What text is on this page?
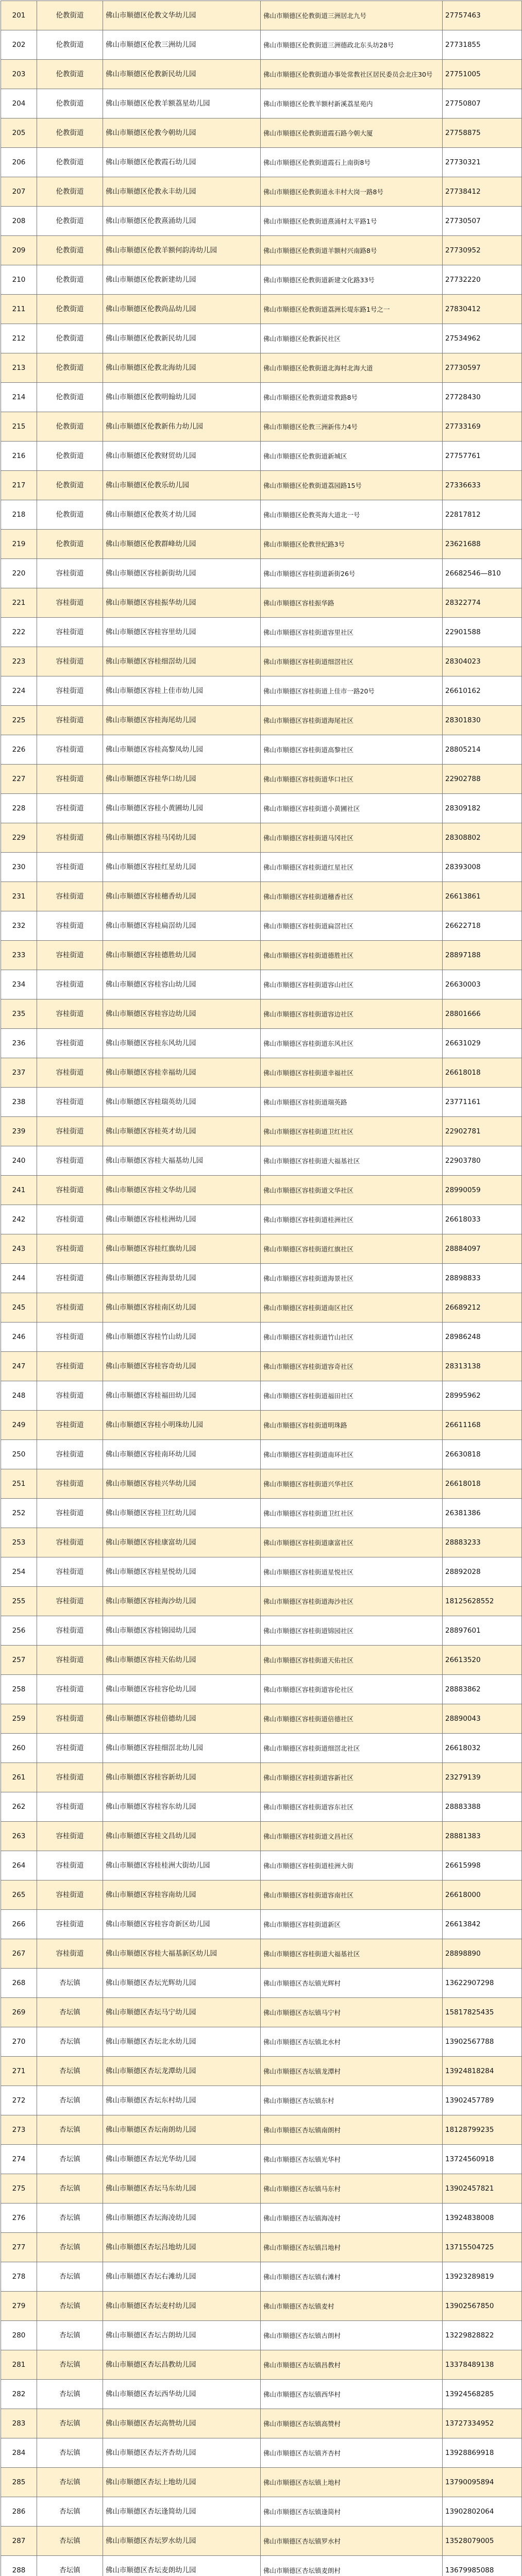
201	伦教街道	佛山市顺德区伦教文华幼儿园	佛山市顺德区伦教街道三洲居北九号	27757463
202	伦教街道	佛山市顺德区伦教三洲幼儿园	佛山市顺德区伦教街道三洲德政北东头坊28号	27731855
203	伦教街道	佛山市顺德区伦教新民幼儿园	佛山市顺德区伦教街道办事处常教社区居民委员会北庄30号	27751005
204	伦教街道	佛山市顺德区伦教羊额荔星幼儿园	佛山市顺德区伦教羊额村新溪荔星苑内	27750807
205	伦教街道	佛山市顺德区伦教今朝幼儿园	佛山市顺德区伦教街道霞石路今朝大厦	27758875
206	伦教街道	佛山市顺德区伦教霞石幼儿园	佛山市顺德区伦教街道霞石上南街8号	27730321
207	伦教街道	佛山市顺德区伦教永丰幼儿园	佛山市顺德区伦教街道永丰村大岗一路8号	27738412
208	伦教街道	佛山市顺德区伦教熹涌幼儿园	佛山市顺德区伦教街道熹涌村太平路1号	27730507
209	伦教街道	佛山市顺德区伦教羊额何韵涛幼儿园	佛山市顺德区伦教街道羊额村兴南路8号	27730952
210	伦教街道	佛山市顺德区伦教新建幼儿园	佛山市顺德区伦教街道新建文化路33号	27732220
211	伦教街道	佛山市顺德区伦教尚品幼儿园	佛山市顺德区伦教街道荔洲长堤东路1号之一	27830412
212	伦教街道	佛山市顺德区伦教新民幼儿园	佛山市顺德区伦教新民社区	27534962
213	伦教街道	佛山市顺德区伦教北海幼儿园	佛山市顺德区伦教街道北海村北海大道	27730597
214	伦教街道	佛山市顺德区伦教明翰幼儿园	佛山市顺德区伦教街道常教路8号	27728430
215	伦教街道	佛山市顺德区伦教新伟力幼儿园	佛山市顺德区伦教三洲新伟力4号	27733169
216	伦教街道	佛山市顺德区伦教财贸幼儿园	佛山市顺德区伦教街道新城区	27757761
217	伦教街道	佛山市顺德区伦教乐幼儿园	佛山市顺德区伦教街道荔园路15号	27336633
218	伦教街道	佛山市顺德区伦教英才幼儿园	佛山市顺德区伦教英海大道北一号	22817812
219	伦教街道	佛山市顺德区伦教群峰幼儿园	佛山市顺德区伦教世纪路3号	23621688
220	容桂街道	佛山市顺德区容桂新街幼儿园	佛山市顺德区容桂街道新街26号	26682546—810
221	容桂街道	佛山市顺德区容桂振华幼儿园	佛山市顺德区容桂振华路	28322774
222	容桂街道	佛山市顺德区容桂容里幼儿园	佛山市顺德区容桂街道容里社区	22901588
223	容桂街道	佛山市顺德区容桂细滘幼儿园	佛山市顺德区容桂街道细滘社区	28304023
224	容桂街道	佛山市顺德区容桂上佳市幼儿园	佛山市顺德区容桂街道上佳市一路20号	26610162
225	容桂街道	佛山市顺德区容桂海尾幼儿园	佛山市顺德区容桂街道海尾社区	28301830
226	容桂街道	佛山市顺德区容桂高黎凤幼儿园	佛山市顺德区容桂街道高黎社区	28805214
227	容桂街道	佛山市顺德区容桂华口幼儿园	佛山市顺德区容桂街道华口社区	22902788
228	容桂街道	佛山市顺德区容桂小黄圃幼儿园	佛山市顺德区容桂街道小黄圃社区	28309182
229	容桂街道	佛山市顺德区容桂马冈幼儿园	佛山市顺德区容桂街道马冈社区	28308802
230	容桂街道	佛山市顺德区容桂红星幼儿园	佛山市顺德区容桂街道红星社区	28393008
231	容桂街道	佛山市顺德区容桂穗香幼儿园	佛山市顺德区容桂街道穗香社区	26613861
232	容桂街道	佛山市顺德区容桂扁滘幼儿园	佛山市顺德区容桂街道扁滘社区	26622718
233	容桂街道	佛山市顺德区容桂德胜幼儿园	佛山市顺德区容桂街道德胜社区	28897188
234	容桂街道	佛山市顺德区容桂容山幼儿园	佛山市顺德区容桂街道容山社区	26630003
235	容桂街道	佛山市顺德区容桂容边幼儿园	佛山市顺德区容桂街道容边社区	28801666
236	容桂街道	佛山市顺德区容桂东风幼儿园	佛山市顺德区容桂街道东风社区	26631029
237	容桂街道	佛山市顺德区容桂幸福幼儿园	佛山市顺德区容桂街道幸福社区	26618018
238	容桂街道	佛山市顺德区容桂瑞英幼儿园	佛山市顺德区容桂街道瑞英路	23771161
239	容桂街道	佛山市顺德区容桂英才幼儿园	佛山市顺德区容桂街道卫红社区	22902781
240	容桂街道	佛山市顺德区容桂大福基幼儿园	佛山市顺德区容桂街道大福基社区	22903780
241	容桂街道	佛山市顺德区容桂文华幼儿园	佛山市顺德区容桂街道文华社区	28990059
242	容桂街道	佛山市顺德区容桂桂洲幼儿园	佛山市顺德区容桂街道桂洲社区	26618033
243	容桂街道	佛山市顺德区容桂红旗幼儿园	佛山市顺德区容桂街道红旗社区	28884097
244	容桂街道	佛山市顺德区容桂海景幼儿园	佛山市顺德区容桂街道海景社区	28898833
245	容桂街道	佛山市顺德区容桂南区幼儿园	佛山市顺德区容桂街道南区社区	26689212
246	容桂街道	佛山市顺德区容桂竹山幼儿园	佛山市顺德区容桂街道竹山社区	28986248
247	容桂街道	佛山市顺德区容桂容奇幼儿园	佛山市顺德区容桂街道容奇社区	28313138
248	容桂街道	佛山市顺德区容桂福田幼儿园	佛山市顺德区容桂街道福田社区	28995962
249	容桂街道	佛山市顺德区容桂小明珠幼儿园	佛山市顺德区容桂街道明珠路	26611168
250	容桂街道	佛山市顺德区容桂南环幼儿园	佛山市顺德区容桂街道南环社区	26630818
251	容桂街道	佛山市顺德区容桂兴华幼儿园	佛山市顺德区容桂街道兴华社区	26618018
252	容桂街道	佛山市顺德区容桂卫红幼儿园	佛山市顺德区容桂街道卫红社区	26381386
253	容桂街道	佛山市顺德区容桂康富幼儿园	佛山市顺德区容桂街道康富社区	28883233
254	容桂街道	佛山市顺德区容桂星悦幼儿园	佛山市顺德区容桂街道星悦社区	28892028
255	容桂街道	佛山市顺德区容桂海沙幼儿园	佛山市顺德区容桂街道海沙社区	18125628552
256	容桂街道	佛山市顺德区容桂锦园幼儿园	佛山市顺德区容桂街道锦园社区	28897601
257	容桂街道	佛山市顺德区容桂天佑幼儿园	佛山市顺德区容桂街道天佑社区	26613520
258	容桂街道	佛山市顺德区容桂容伦幼儿园	佛山市顺德区容桂街道容伦社区	28883862
259	容桂街道	佛山市顺德区容桂倍德幼儿园	佛山市顺德区容桂街道倍德社区	28890043
260	容桂街道	佛山市顺德区容桂细滘北幼儿园	佛山市顺德区容桂街道细滘北社区	26618032
261	容桂街道	佛山市顺德区容桂容新幼儿园	佛山市顺德区容桂街道容新社区	23279139
262	容桂街道	佛山市顺德区容桂容东幼儿园	佛山市顺德区容桂街道容东社区	28883388
263	容桂街道	佛山市顺德区容桂文昌幼儿园	佛山市顺德区容桂街道文昌社区	28881383
264	容桂街道	佛山市顺德区容桂桂洲大街幼儿园	佛山市顺德区容桂街道桂洲大街	26615998
265	容桂街道	佛山市顺德区容桂容南幼儿园	佛山市顺德区容桂街道容南社区	26618000
266	容桂街道	佛山市顺德区容桂容奇新区幼儿园	佛山市顺德区容桂街道新区	26613842
267	容桂街道	佛山市顺德区容桂大福基新区幼儿园	佛山市顺德区容桂街道大福基社区	28898890
268	杏坛镇	佛山市顺德区杏坛光辉幼儿园	佛山市顺德区杏坛镇光辉村	13622907298
269	杏坛镇	佛山市顺德区杏坛马宁幼儿园	佛山市顺德区杏坛镇马宁村	15817825435
270	杏坛镇	佛山市顺德区杏坛北水幼儿园	佛山市顺德区杏坛镇北水村	13902567788
271	杏坛镇	佛山市顺德区杏坛龙潭幼儿园	佛山市顺德区杏坛镇龙潭村	13924818284
272	杏坛镇	佛山市顺德区杏坛东村幼儿园	佛山市顺德区杏坛镇东村	13902457789
273	杏坛镇	佛山市顺德区杏坛南朗幼儿园	佛山市顺德区杏坛镇南朗村	18128799235
274	杏坛镇	佛山市顺德区杏坛光华幼儿园	佛山市顺德区杏坛镇光华村	13724560918
275	杏坛镇	佛山市顺德区杏坛马东幼儿园	佛山市顺德区杏坛镇马东村	13902457821
276	杏坛镇	佛山市顺德区杏坛海凌幼儿园	佛山市顺德区杏坛镇海凌村	13924838008
277	杏坛镇	佛山市顺德区杏坛吕地幼儿园	佛山市顺德区杏坛镇吕地村	13715504725
278	杏坛镇	佛山市顺德区杏坛右滩幼儿园	佛山市顺德区杏坛镇右滩村	13923289819
279	杏坛镇	佛山市顺德区杏坛麦村幼儿园	佛山市顺德区杏坛镇麦村	13902567850
280	杏坛镇	佛山市顺德区杏坛古朗幼儿园	佛山市顺德区杏坛镇古朗村	13229828822
281	杏坛镇	佛山市顺德区杏坛昌教幼儿园	佛山市顺德区杏坛镇昌教村	13378489138
282	杏坛镇	佛山市顺德区杏坛西华幼儿园	佛山市顺德区杏坛镇西华村	13924568285
283	杏坛镇	佛山市顺德区杏坛高赞幼儿园	佛山市顺德区杏坛镇高赞村	13727334952
284	杏坛镇	佛山市顺德区杏坛齐杏幼儿园	佛山市顺德区杏坛镇齐杏村	13928869918
285	杏坛镇	佛山市顺德区杏坛上地幼儿园	佛山市顺德区杏坛镇上地村	13790095894
286	杏坛镇	佛山市顺德区杏坛逢简幼儿园	佛山市顺德区杏坛镇逢简村	13902802064
287	杏坛镇	佛山市顺德区杏坛罗水幼儿园	佛山市顺德区杏坛镇罗水村	13528079005
288	杏坛镇	佛山市顺德区杏坛麦朗幼儿园	佛山市顺德区杏坛镇麦朗村	13679985088
